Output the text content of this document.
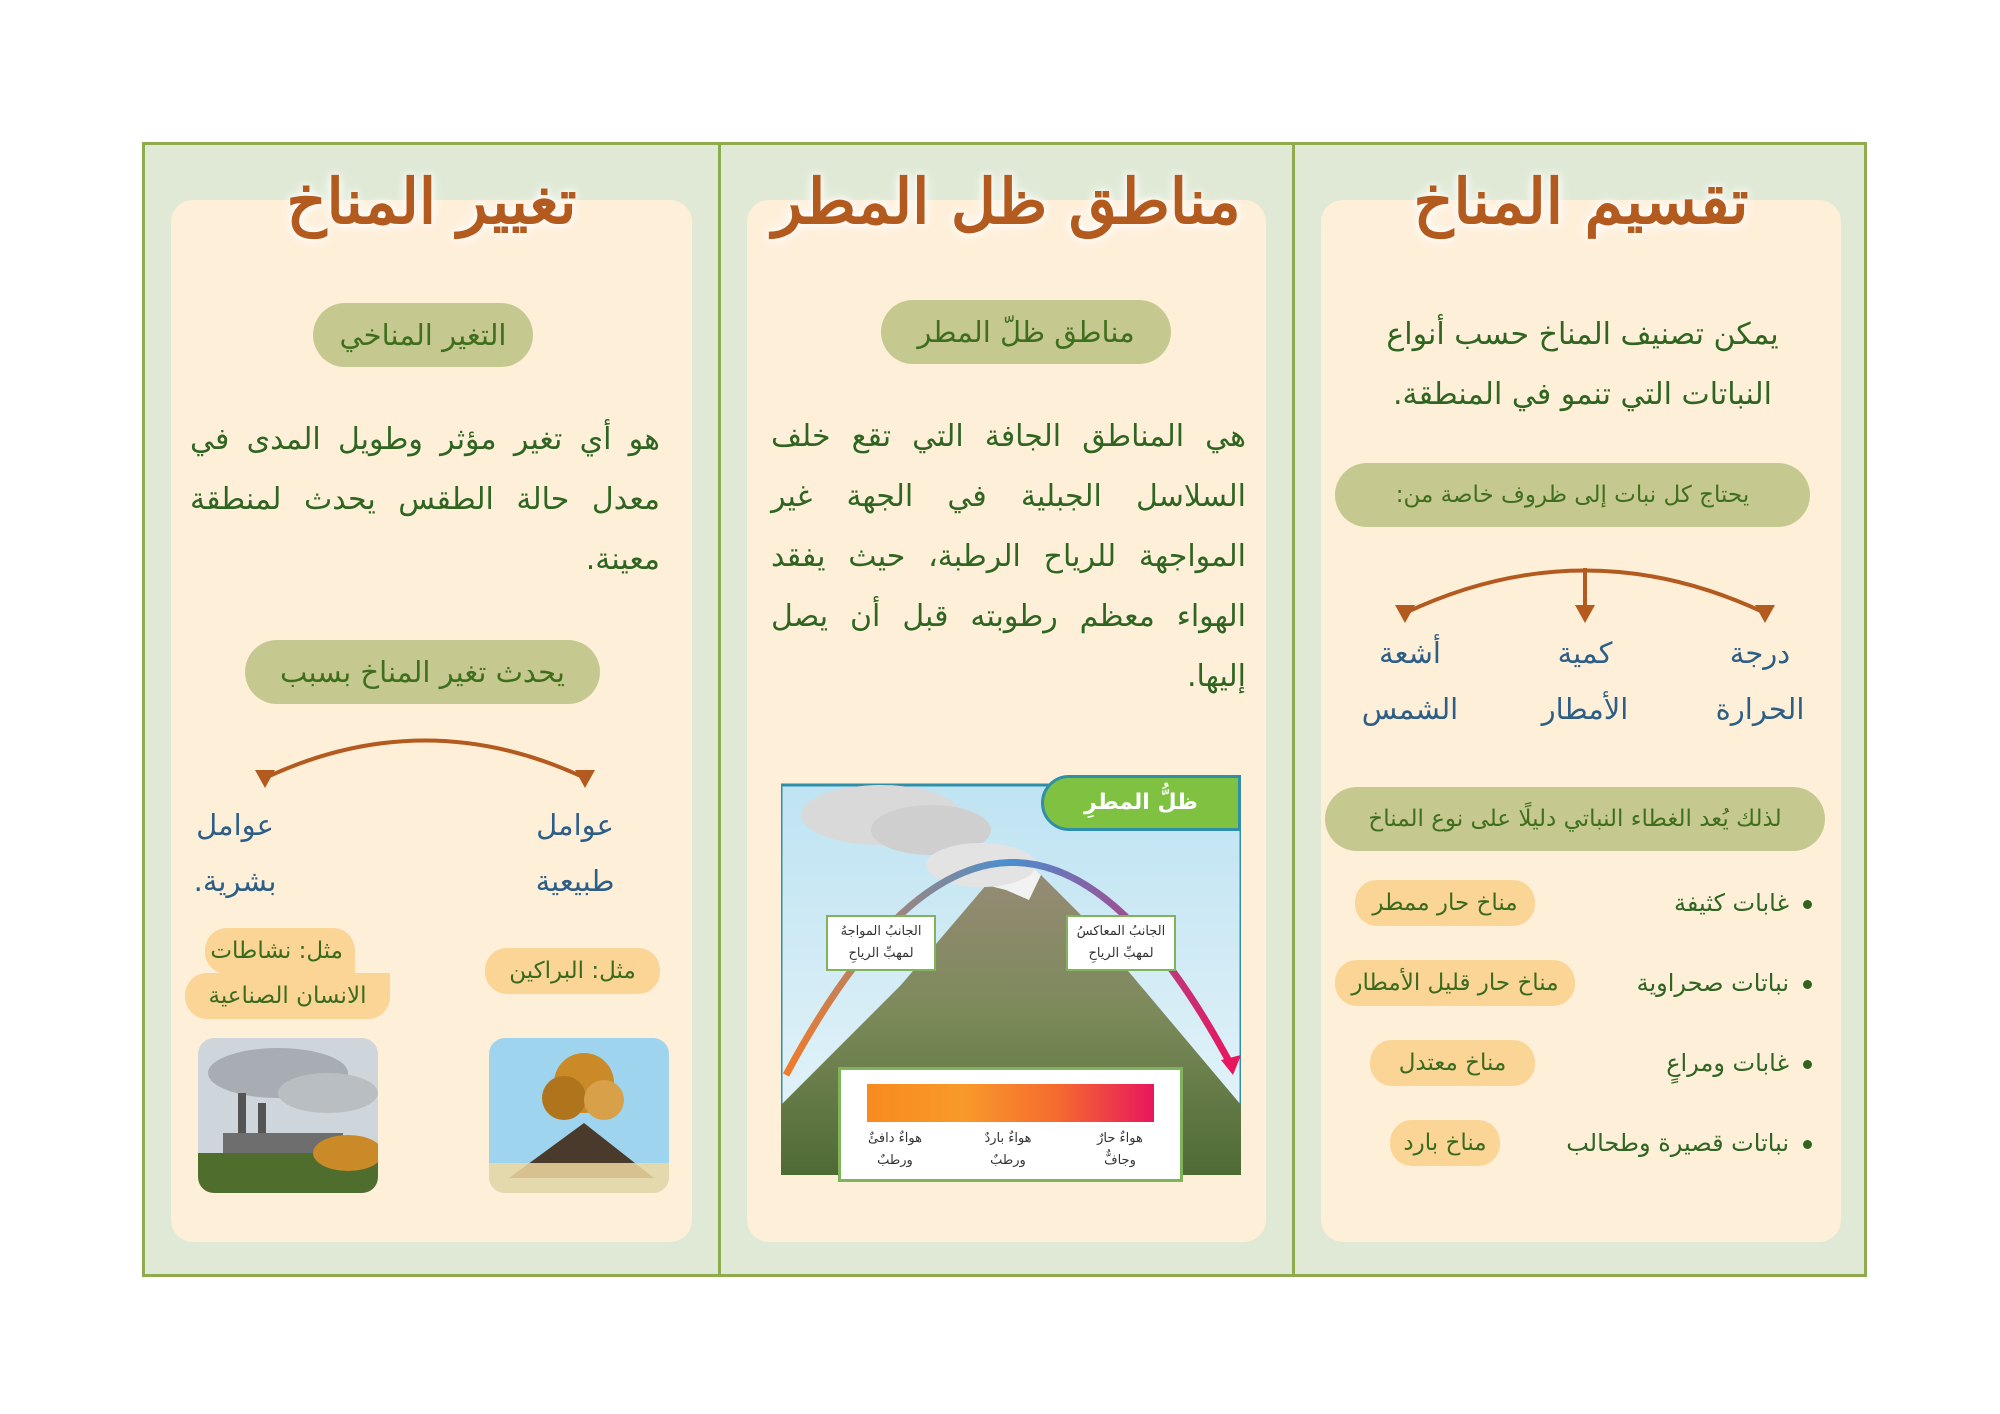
تقسيم المناخ

يمكن تصنيف المناخ حسب أنواع النباتات التي تنمو في المنطقة.

يحتاج كل نبات إلى ظروف خاصة من:
درجة
الحرارة
كمية
الأمطار
أشعة
الشمس
لذلك يُعد الغطاء النباتي دليلًا على نوع المناخ
غابات كثيفة
مناخ حار ممطر
نباتات صحراوية
مناخ حار قليل الأمطار
غابات ومراعٍ
مناخ معتدل
نباتات قصيرة وطحالب
مناخ بارد
مناطق ظل المطر
مناطق ظلّ المطر

هي المناطق الجافة التي تقع خلف السلاسل الجبلية في الجهة غير المواجهة للرياح الرطبة، حيث يفقد الهواء معظم رطوبته قبل أن يصل إليها.

ظلُّ المطرِ
الجانبُ المواجهُ
لمهبِّ الرياحِ
الجانبُ المعاكسُ
لمهبِّ الرياحِ
هواءٌ حارٌ
وجافٌّ
هواءٌ باردٌ
ورطبٌ
هواءٌ دافئٌ
ورطبٌ
تغيير المناخ
التغير المناخي

هو أي تغير مؤثر وطويل المدى في معدل حالة الطقس يحدث لمنطقة معينة.

يحدث تغير المناخ بسبب
عوامل
طبيعية
عوامل
بشرية.
مثل: البراكين
مثل: نشاطات
الانسان الصناعية
